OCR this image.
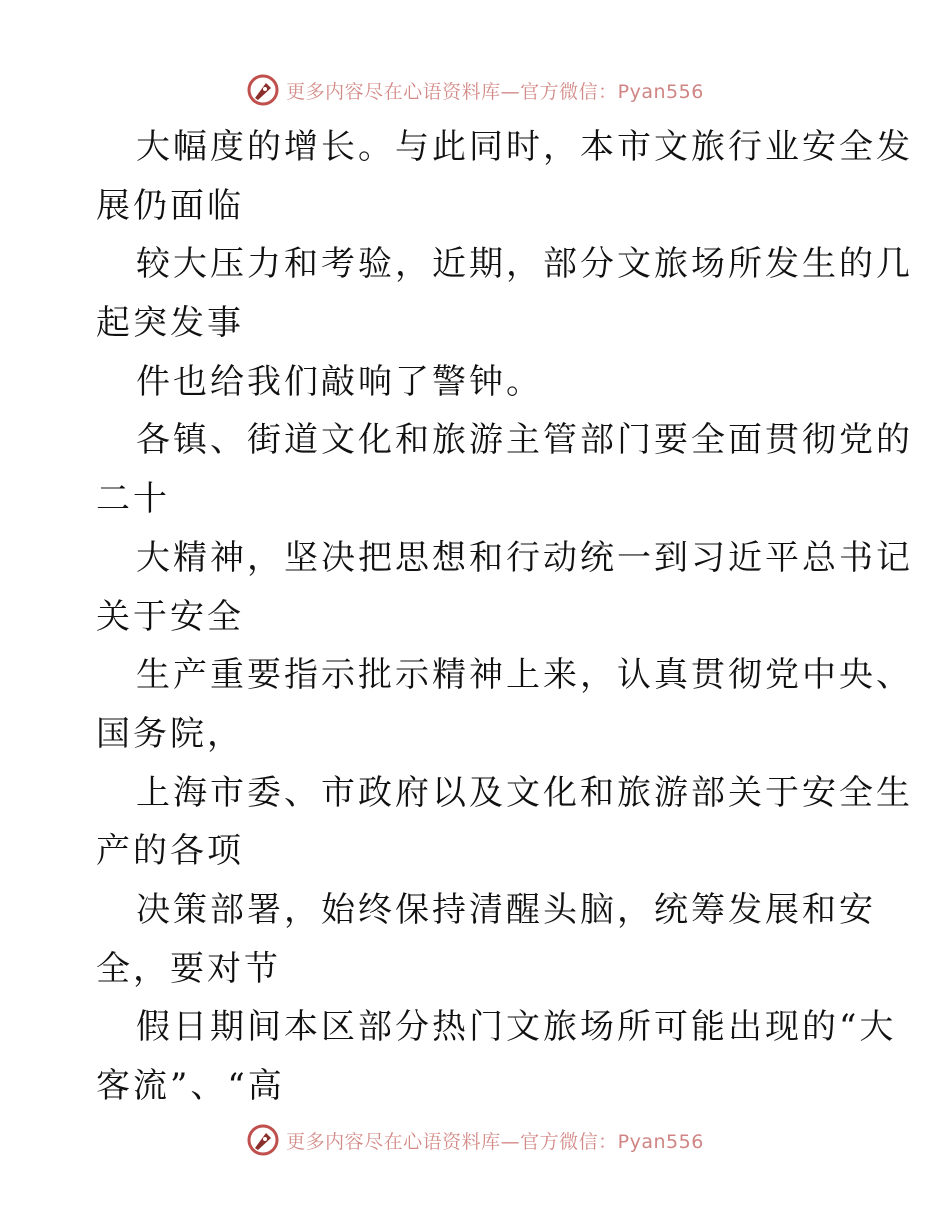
更多内容尽在心语资料库—官方微信：Pyan556
大幅度的增长。与此同时，本市文旅行业安全发
展仍面临
较大压力和考验，近期，部分文旅场所发生的几
起突发事
件也给我们敲响了警钟。
各镇、街道文化和旅游主管部门要全面贯彻党的
二十
大精神，坚决把思想和行动统一到习近平总书记
关于安全
生产重要指示批示精神上来，认真贯彻党中央、
国务院，
上海市委、市政府以及文化和旅游部关于安全生
产的各项
决策部署，始终保持清醒头脑，统筹发展和安
全，要对节
假日期间本区部分热门文旅场所可能出现的“大
客流”、“高
更多内容尽在心语资料库—官方微信：Pyan556
